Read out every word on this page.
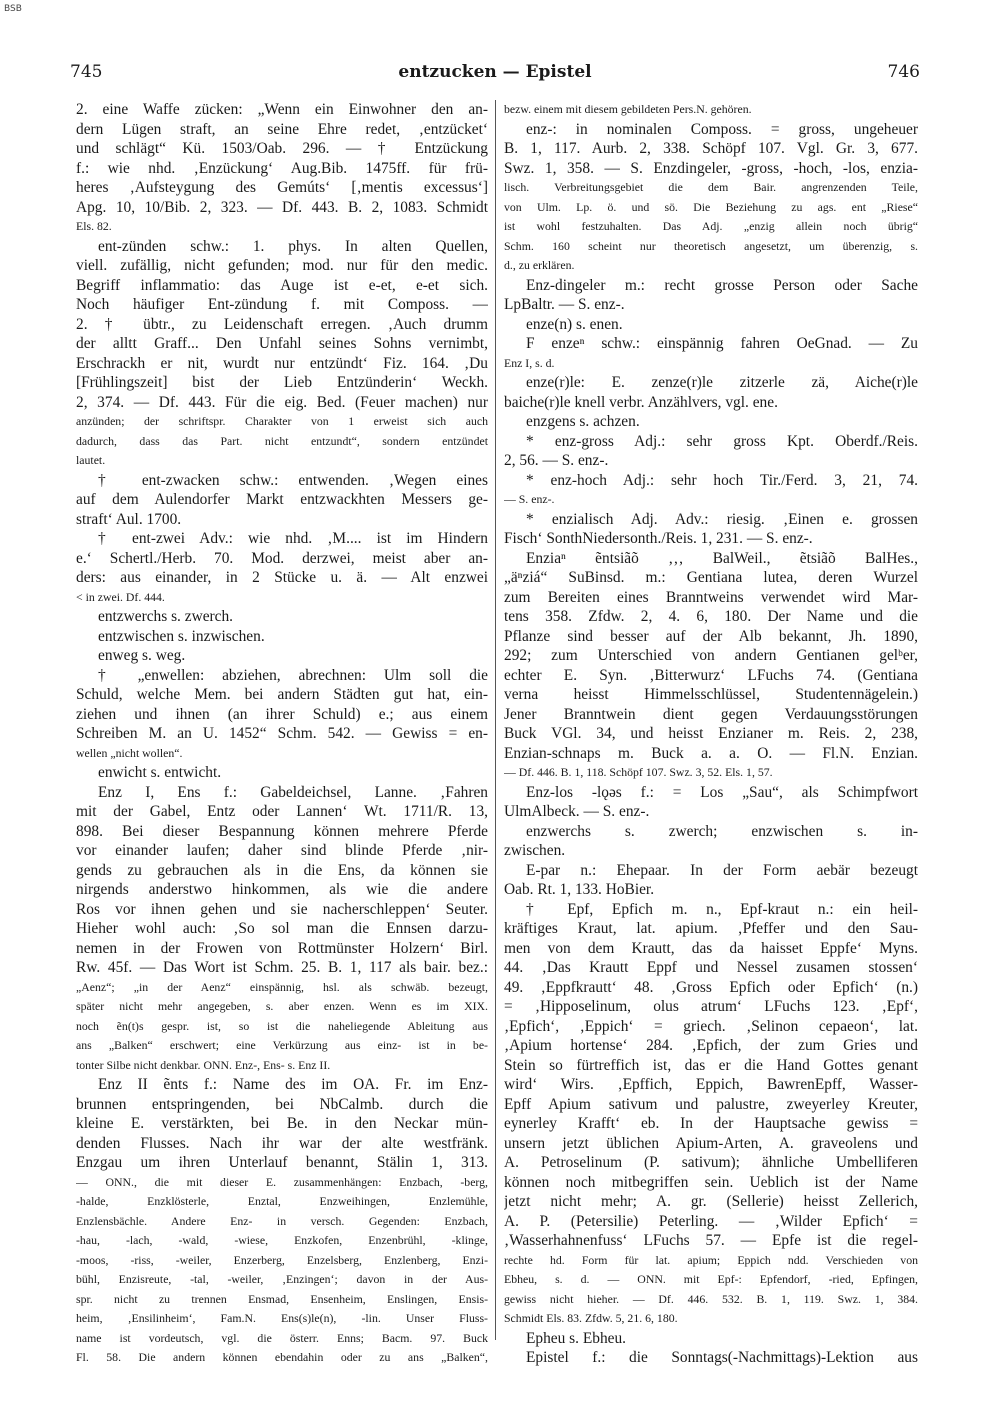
BSB
745	entzucken — Epistel	746
2. eine Waffe zücken: „Wenn ein Einwohner den an-
dern Lügen straft, an seine Ehre redet, ‚entzücket‘
und schlägt“ Kü. 1503/Oab. 296. — † Entzückung
f.: wie nhd. ‚Enzückung‘ Aug.Bib. 1475ff. für frü-
heres ‚Aufsteygung des Gemúts‘ [‚mentis excessus‘]
Apg. 10, 10/Bib. 2, 323. — Df. 443. B. 2, 1083. Schmidt
Els. 82.
ent-zünden schw.: 1. phys. In alten Quellen,
viell. zufällig, nicht gefunden; mod. nur für den medic.
Begriff inflammatio: das Auge ist e-et, e-et sich.
Noch häufiger Ent-zündung f. mit Composs. —
2. † übtr., zu Leidenschaft erregen. ‚Auch drumm
der alltt Graff... Den Unfahl seines Sohns vernimbt,
Erschrackh er nit, wurdt nur entzündt‘ Fiz. 164. ‚Du
[Frühlingszeit] bist der Lieb Entzünderin‘ Weckh.
2, 374. — Df. 443. Für die eig. Bed. (Feuer machen) nur
anzünden; der schriftspr. Charakter von 1 erweist sich auch
dadurch, dass das Part. nicht entzundt“, sondern entzündet
lautet.
† ent-zwacken schw.: entwenden. ‚Wegen eines
auf dem Aulendorfer Markt entzwackhten Messers ge-
straft‘ Aul. 1700.
† ent-zwei Adv.: wie nhd. ‚M.... ist im Hindern
e.‘ Schertl./Herb. 70. Mod. derzwei, meist aber an-
ders: aus einander, in 2 Stücke u. ä. — Alt enzwei
< in zwei. Df. 444.
entzwerchs s. zwerch.
entzwischen s. inzwischen.
enweg s. weg.
† „enwellen: abziehen, abrechnen: Ulm soll die
Schuld, welche Mem. bei andern Städten gut hat, ein-
ziehen und ihnen (an ihrer Schuld) e.; aus einem
Schreiben M. an U. 1452“ Schm. 542. — Gewiss = en-
wellen „nicht wollen“.
enwicht s. entwicht.
Enz I, Ens f.: Gabeldeichsel, Lanne. ‚Fahren
mit der Gabel, Entz oder Lannen‘ Wt. 1711/R. 13,
898. Bei dieser Bespannung können mehrere Pferde
vor einander laufen; daher sind blinde Pferde ‚nir-
gends zu gebrauchen als in die Ens, da können sie
nirgends anderstwo hinkommen, als wie die andere
Ros vor ihnen gehen und sie nacherschleppen‘ Seuter.
Hieher wohl auch: ‚So sol man die Ennsen darzu-
nemen in der Frowen von Rottmünster Holzern‘ Birl.
Rw. 45f. — Das Wort ist Schm. 25. B. 1, 117 als bair. bez.:
„Aenz“; „in der Aenz“ einspännig, hsl. als schwäb. bezeugt,
später nicht mehr angegeben, s. aber enzen. Wenn es im XIX.
noch ẽn(t)s gespr. ist, so ist die naheliegende Ableitung aus
ans „Balken“ erschwert; eine Verkürzung aus einz- ist in be-
tonter Silbe nicht denkbar. ONN. Enz-, Ens- s. Enz II.
Enz II ẽnts f.: Name des im OA. Fr. im Enz-
brunnen entspringenden, bei NbCalmb. durch die
kleine E. verstärkten, bei Be. in den Neckar mün-
denden Flusses. Nach ihr war der alte westfränk.
Enzgau um ihren Unterlauf benannt, Stälin 1, 313.
— ONN., die mit dieser E. zusammenhängen: Enzbach, -berg,
-halde, Enzklösterle, Enztal, Enzweihingen, Enzlemühle,
Enzlensbächle. Andere Enz- in versch. Gegenden: Enzbach,
-hau, -lach, -wald, -wiese, Enzkofen, Enzenbrühl, -klinge,
-moos, -riss, -weiler, Enzerberg, Enzelsberg, Enzlenberg, Enzi-
bühl, Enzisreute, -tal, -weiler, ‚Enzingen‘; davon in der Aus-
spr. nicht zu trennen Ensmad, Ensenheim, Enslingen, Ensis-
heim, ‚Ensilinheim‘, Fam.N. Ens(s)le(n), -lin. Unser Fluss-
name ist vordeutsch, vgl. die österr. Enns; Bacm. 97. Buck
Fl. 58. Die andern können ebendahin oder zu ans „Balken“,
bezw. einem mit diesem gebildeten Pers.N. gehören.
enz-: in nominalen Composs. = gross, ungeheuer
B. 1, 117. Aurb. 2, 338. Schöpf 107. Vgl. Gr. 3, 677.
Swz. 1, 358. — S. Enzdingeler, -gross, -hoch, -los, enzia-
lisch. Verbreitungsgebiet die dem Bair. angrenzenden Teile,
von Ulm. Lp. ö. und sö. Die Beziehung zu ags. ent „Riese“
ist wohl festzuhalten. Das Adj. „enzig allein noch übrig“
Schm. 160 scheint nur theoretisch angesetzt, um überenzig, s.
d., zu erklären.
Enz-dingeler m.: recht grosse Person oder Sache
LpBaltr. — S. enz-.
enze(n) s. enen.
F enzeⁿ schw.: einspännig fahren OeGnad. — Zu
Enz I, s. d.
enze(r)le: E. zenze(r)le zitzerle zä, Aiche(r)le
baiche(r)le knell verbr. Anzählvers, vgl. ene.
enzgens s. achzen.
* enz-gross Adj.: sehr gross Kpt. Oberdf./Reis.
2, 56. — S. enz-.
* enz-hoch Adj.: sehr hoch Tir./Ferd. 3, 21, 74.
— S. enz-.
* enzialisch Adj. Adv.: riesig. ‚Einen e. grossen
Fisch‘ SonthNiedersonth./Reis. 1, 231. — S. enz-.
Enziaⁿ ẽntsiãõ ‚‚‚ BalWeil., ẽtsiãõ BalHes.,
„äⁿziá“ SuBinsd. m.: Gentiana lutea, deren Wurzel
zum Bereiten eines Branntweins verwendet wird Mar-
tens 358. Zfdw. 2, 4. 6, 180. Der Name und die
Pflanze sind besser auf der Alb bekannt, Jh. 1890,
292; zum Unterschied von andern Gentianen gelᵇer,
echter E. Syn. ‚Bitterwurz‘ LFuchs 74. (Gentiana
verna heisst Himmelsschlüssel, Studentennägelein.)
Jener Branntwein dient gegen Verdauungsstörungen
Buck VGl. 34, und heisst Enzianer m. Reis. 2, 238,
Enzian-schnaps m. Buck a. a. O. — Fl.N. Enzian.
— Df. 446. B. 1, 118. Schöpf 107. Swz. 3, 52. Els. 1, 57.
Enz-los -lǫǝs f.: = Los „Sau“, als Schimpfwort
UlmAlbeck. — S. enz-.
enzwerchs s. zwerch; enzwischen s. in-
zwischen.
E-par n.: Ehepaar. In der Form aebär bezeugt
Oab. Rt. 1, 133. HoBier.
† Epf, Epfich m. n., Epf-kraut n.: ein heil-
kräftiges Kraut, lat. apium. ‚Pfeffer und den Sau-
men von dem Krautt, das da haisset Eppfe‘ Myns.
44. ‚Das Krautt Eppf und Nessel zusamen stossen‘
49. ‚Eppfkrautt‘ 48. ‚Gross Epfich oder Epfich‘ (n.)
= ‚Hipposelinum, olus atrum‘ LFuchs 123. ‚Epf‘,
‚Epfich‘, ‚Eppich‘ = griech. ‚Selinon cepaeon‘, lat.
‚Apium hortense‘ 284. ‚Epfich, der zum Gries und
Stein so fürtreffich ist, das er die Hand Gottes genant
wird‘ Wirs. ‚Epffich, Eppich, BawrenEpff, Wasser-
Epff Apium sativum und palustre, zweyerley Kreuter,
eynerley Krafft‘ eb. In der Hauptsache gewiss =
unsern jetzt üblichen Apium-Arten, A. graveolens und
A. Petroselinum (P. sativum); ähnliche Umbelliferen
können noch mitbegriffen sein. Ueblich ist der Name
jetzt nicht mehr; A. gr. (Sellerie) heisst Zellerich,
A. P. (Petersilie) Peterling. — ‚Wilder Epfich‘ =
‚Wasserhahnenfuss‘ LFuchs 57. — Epfe ist die regel-
rechte hd. Form für lat. apium; Eppich ndd. Verschieden von
Ebheu, s. d. — ONN. mit Epf-: Epfendorf, -ried, Epfingen,
gewiss nicht hieher. — Df. 446. 532. B. 1, 119. Swz. 1, 384.
Schmidt Els. 83. Zfdw. 5, 21. 6, 180.
Epheu s. Ebheu.
Epistel f.: die Sonntags(-Nachmittags)-Lektion aus
